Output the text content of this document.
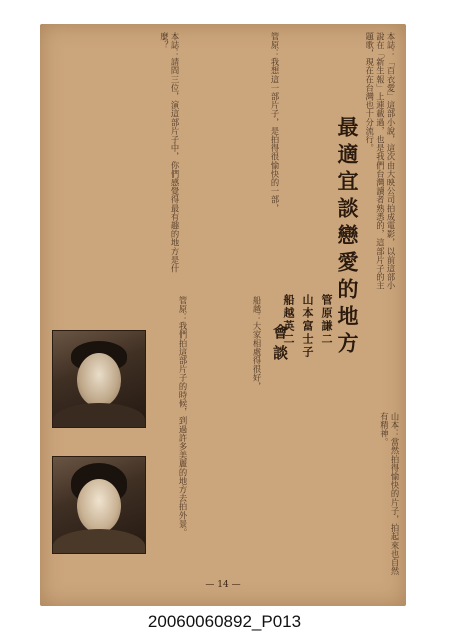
本誌：「百衣愛」這部小說，這次由大映公司拍成電影，以前這部小說在「新生報」上連載過，也是我們台灣讀者熟悉的，這部片子的主題歌，現在在台灣也十分流行。

最適宜談戀愛的地方
管原謙二
山本富士子
船越英二
會談

本誌：請問三位，演這部片子中，你們感覺得最有趣的地方是什麼？	管原：我想這一部片子，是拍得很愉快的一部，

船越：大家相處得很好，

山本：當然拍得愉快的片子，拍起來也自然有精神。

管原：我們拍這部片子的時候，到過許多美麗的地方去拍外景。

— 14 —
20060060892_P013
